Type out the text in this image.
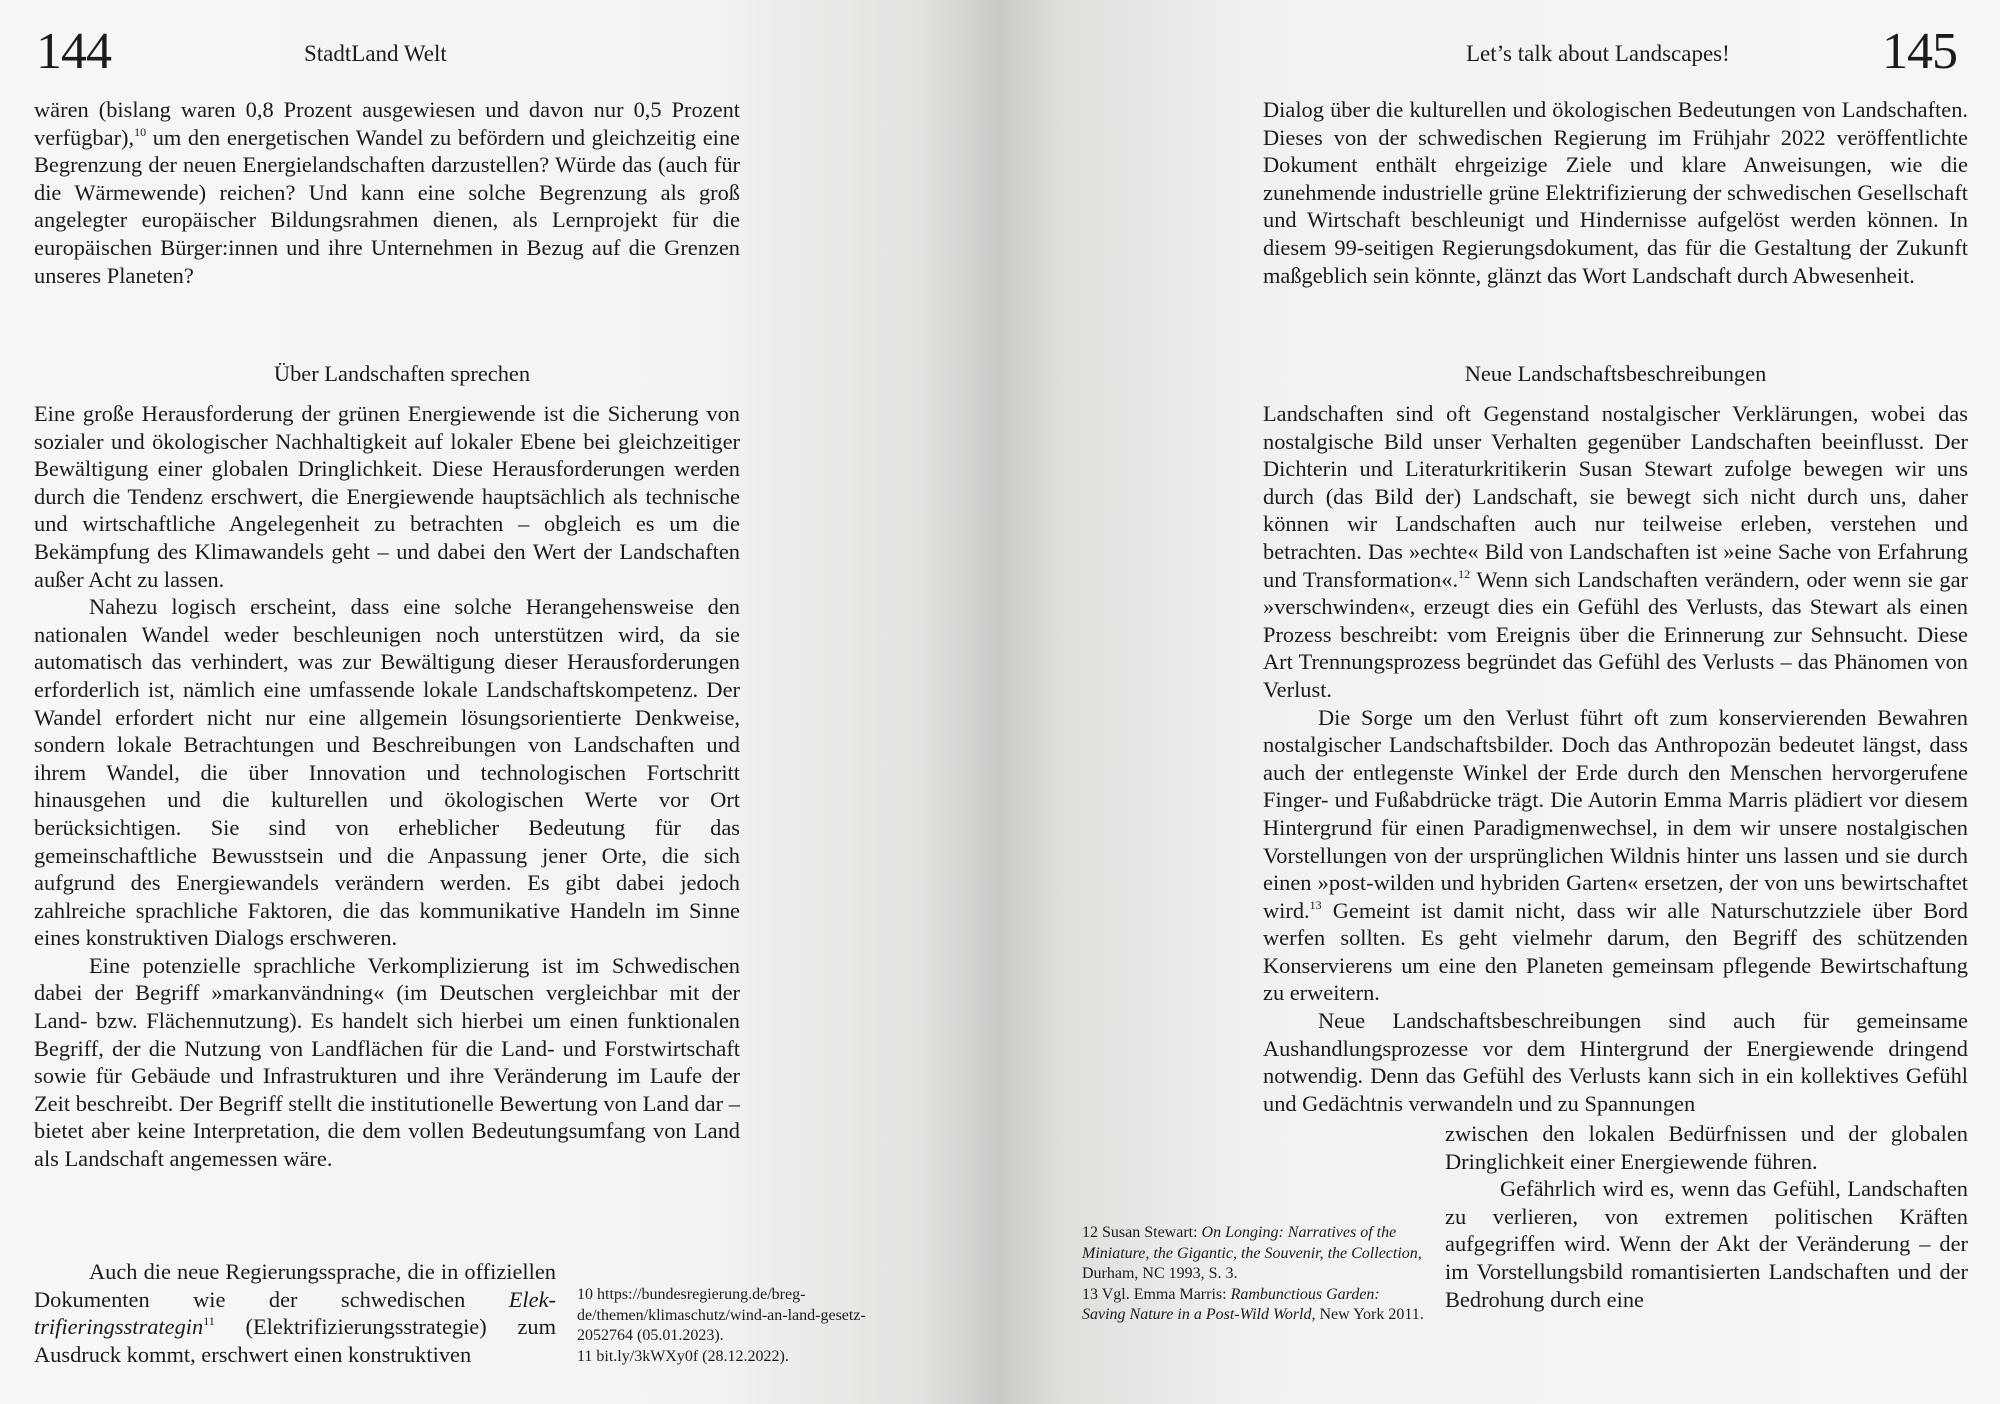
144	StadtLand Welt

wären (bislang waren 0,8 Prozent ausgewiesen und davon nur 0,5 Prozent verfügbar),$^{10}$ um den energetischen Wandel zu befördern und gleichzeitig eine Begrenzung der neuen Energielandschaften darzustellen? Würde das (auch für die Wärmewende) reichen? Und kann eine solche Begrenzung als groß angelegter europäischer Bildungsrahmen dienen, als Lernprojekt für die europäischen Bürger:innen und ihre Unternehmen in Bezug auf die Grenzen unseres Planeten?

Über Landschaften sprechen

Eine große Herausforderung der grünen Energiewende ist die Sicherung von sozialer und ökologischer Nachhaltigkeit auf lokaler Ebene bei gleichzeitiger Bewältigung einer globalen Dringlichkeit. Diese Herausforderungen werden durch die Tendenz erschwert, die Energiewende hauptsächlich als technische und wirtschaftliche Angelegenheit zu betrachten – obgleich es um die Bekämpfung des Klimawandels geht – und dabei den Wert der Landschaften außer Acht zu lassen.

Nahezu logisch erscheint, dass eine solche Herangehensweise den nationalen Wandel weder beschleunigen noch unterstützen wird, da sie automatisch das verhindert, was zur Bewältigung dieser Herausforderungen erforderlich ist, nämlich eine umfassende lokale Landschaftskompetenz. Der Wandel erfordert nicht nur eine allgemein lösungsorientierte Denkweise, sondern lokale Betrachtungen und Beschreibungen von Landschaften und ihrem Wandel, die über Innovation und technologischen Fortschritt hinausgehen und die kulturellen und ökologischen Werte vor Ort berücksichtigen. Sie sind von erheblicher Bedeutung für das gemeinschaftliche Bewusstsein und die Anpassung jener Orte, die sich aufgrund des Energiewandels verändern werden. Es gibt dabei jedoch zahlreiche sprachliche Faktoren, die das kommunikative Handeln im Sinne eines konstruktiven Dialogs erschweren.

Eine potenzielle sprachliche Verkomplizierung ist im Schwedischen dabei der Begriff »markanvändning« (im Deutschen vergleichbar mit der Land- bzw. Flächennutzung). Es handelt sich hierbei um einen funktionalen Begriff, der die Nutzung von Landflächen für die Land- und Forstwirtschaft sowie für Gebäude und Infrastrukturen und ihre Veränderung im Laufe der Zeit beschreibt. Der Begriff stellt die institutionelle Bewertung von Land dar – bietet aber keine Interpretation, die dem vollen Bedeutungsumfang von Land als Landschaft angemessen wäre.

Auch die neue Regierungssprache, die in offiziellen Dokumenten wie der schwedischen Elektrifieringsstrategin$^{11}$ (Elektrifizierungsstrategie) zum Ausdruck kommt, erschwert einen konstruktiven

10 https://bundesregierung.de/breg-de/themen/klimaschutz/wind-an-land-gesetz-2052764 (05.01.2023).

11 bit.ly/3kWXy0f (28.12.2022).

Let’s talk about Landscapes!	145

Dialog über die kulturellen und ökologischen Bedeutungen von Landschaften. Dieses von der schwedischen Regierung im Frühjahr 2022 veröffentlichte Dokument enthält ehrgeizige Ziele und klare Anweisungen, wie die zunehmende industrielle grüne Elektrifizierung der schwedischen Gesellschaft und Wirtschaft beschleunigt und Hindernisse aufgelöst werden können. In diesem 99-seitigen Regierungsdokument, das für die Gestaltung der Zukunft maßgeblich sein könnte, glänzt das Wort Landschaft durch Abwesenheit.

Neue Landschaftsbeschreibungen

Landschaften sind oft Gegenstand nostalgischer Verklärungen, wobei das nostalgische Bild unser Verhalten gegenüber Landschaften beeinflusst. Der Dichterin und Literaturkritikerin Susan Stewart zufolge bewegen wir uns durch (das Bild der) Landschaft, sie bewegt sich nicht durch uns, daher können wir Landschaften auch nur teilweise erleben, verstehen und betrachten. Das »echte« Bild von Landschaften ist »eine Sache von Erfahrung und Transformation«.$^{12}$ Wenn sich Landschaften verändern, oder wenn sie gar »verschwinden«, erzeugt dies ein Gefühl des Verlusts, das Stewart als einen Prozess beschreibt: vom Ereignis über die Erinnerung zur Sehnsucht. Diese Art Trennungsprozess begründet das Gefühl des Verlusts – das Phänomen von Verlust.

Die Sorge um den Verlust führt oft zum konservierenden Bewahren nostalgischer Landschaftsbilder. Doch das Anthropozän bedeutet längst, dass auch der entlegenste Winkel der Erde durch den Menschen hervorgerufene Finger- und Fußabdrücke trägt. Die Autorin Emma Marris plädiert vor diesem Hintergrund für einen Paradigmenwechsel, in dem wir unsere nostalgischen Vorstellungen von der ursprünglichen Wildnis hinter uns lassen und sie durch einen »post-wilden und hybriden Garten« ersetzen, der von uns bewirtschaftet wird.$^{13}$ Gemeint ist damit nicht, dass wir alle Naturschutzziele über Bord werfen sollten. Es geht vielmehr darum, den Begriff des schützenden Konservierens um eine den Planeten gemeinsam pflegende Bewirtschaftung zu erweitern.

Neue Landschaftsbeschreibungen sind auch für gemeinsame Aushandlungsprozesse vor dem Hintergrund der Energiewende dringend notwendig. Denn das Gefühl des Verlusts kann sich in ein kollektives Gefühl und Gedächtnis verwandeln und zu Spannungen

zwischen den lokalen Bedürfnissen und der globalen Dringlichkeit einer Energiewende führen.

Gefährlich wird es, wenn das Gefühl, Landschaften zu verlieren, von extremen politischen Kräften aufgegriffen wird. Wenn der Akt der Veränderung – der im Vorstellungsbild romantisierten Landschaften und der Bedrohung durch eine

12 Susan Stewart: On Longing: Narratives of the Miniature, the Gigantic, the Souvenir, the Collection, Durham, NC 1993, S. 3.

13 Vgl. Emma Marris: Rambunctious Garden: Saving Nature in a Post-Wild World, New York 2011.
